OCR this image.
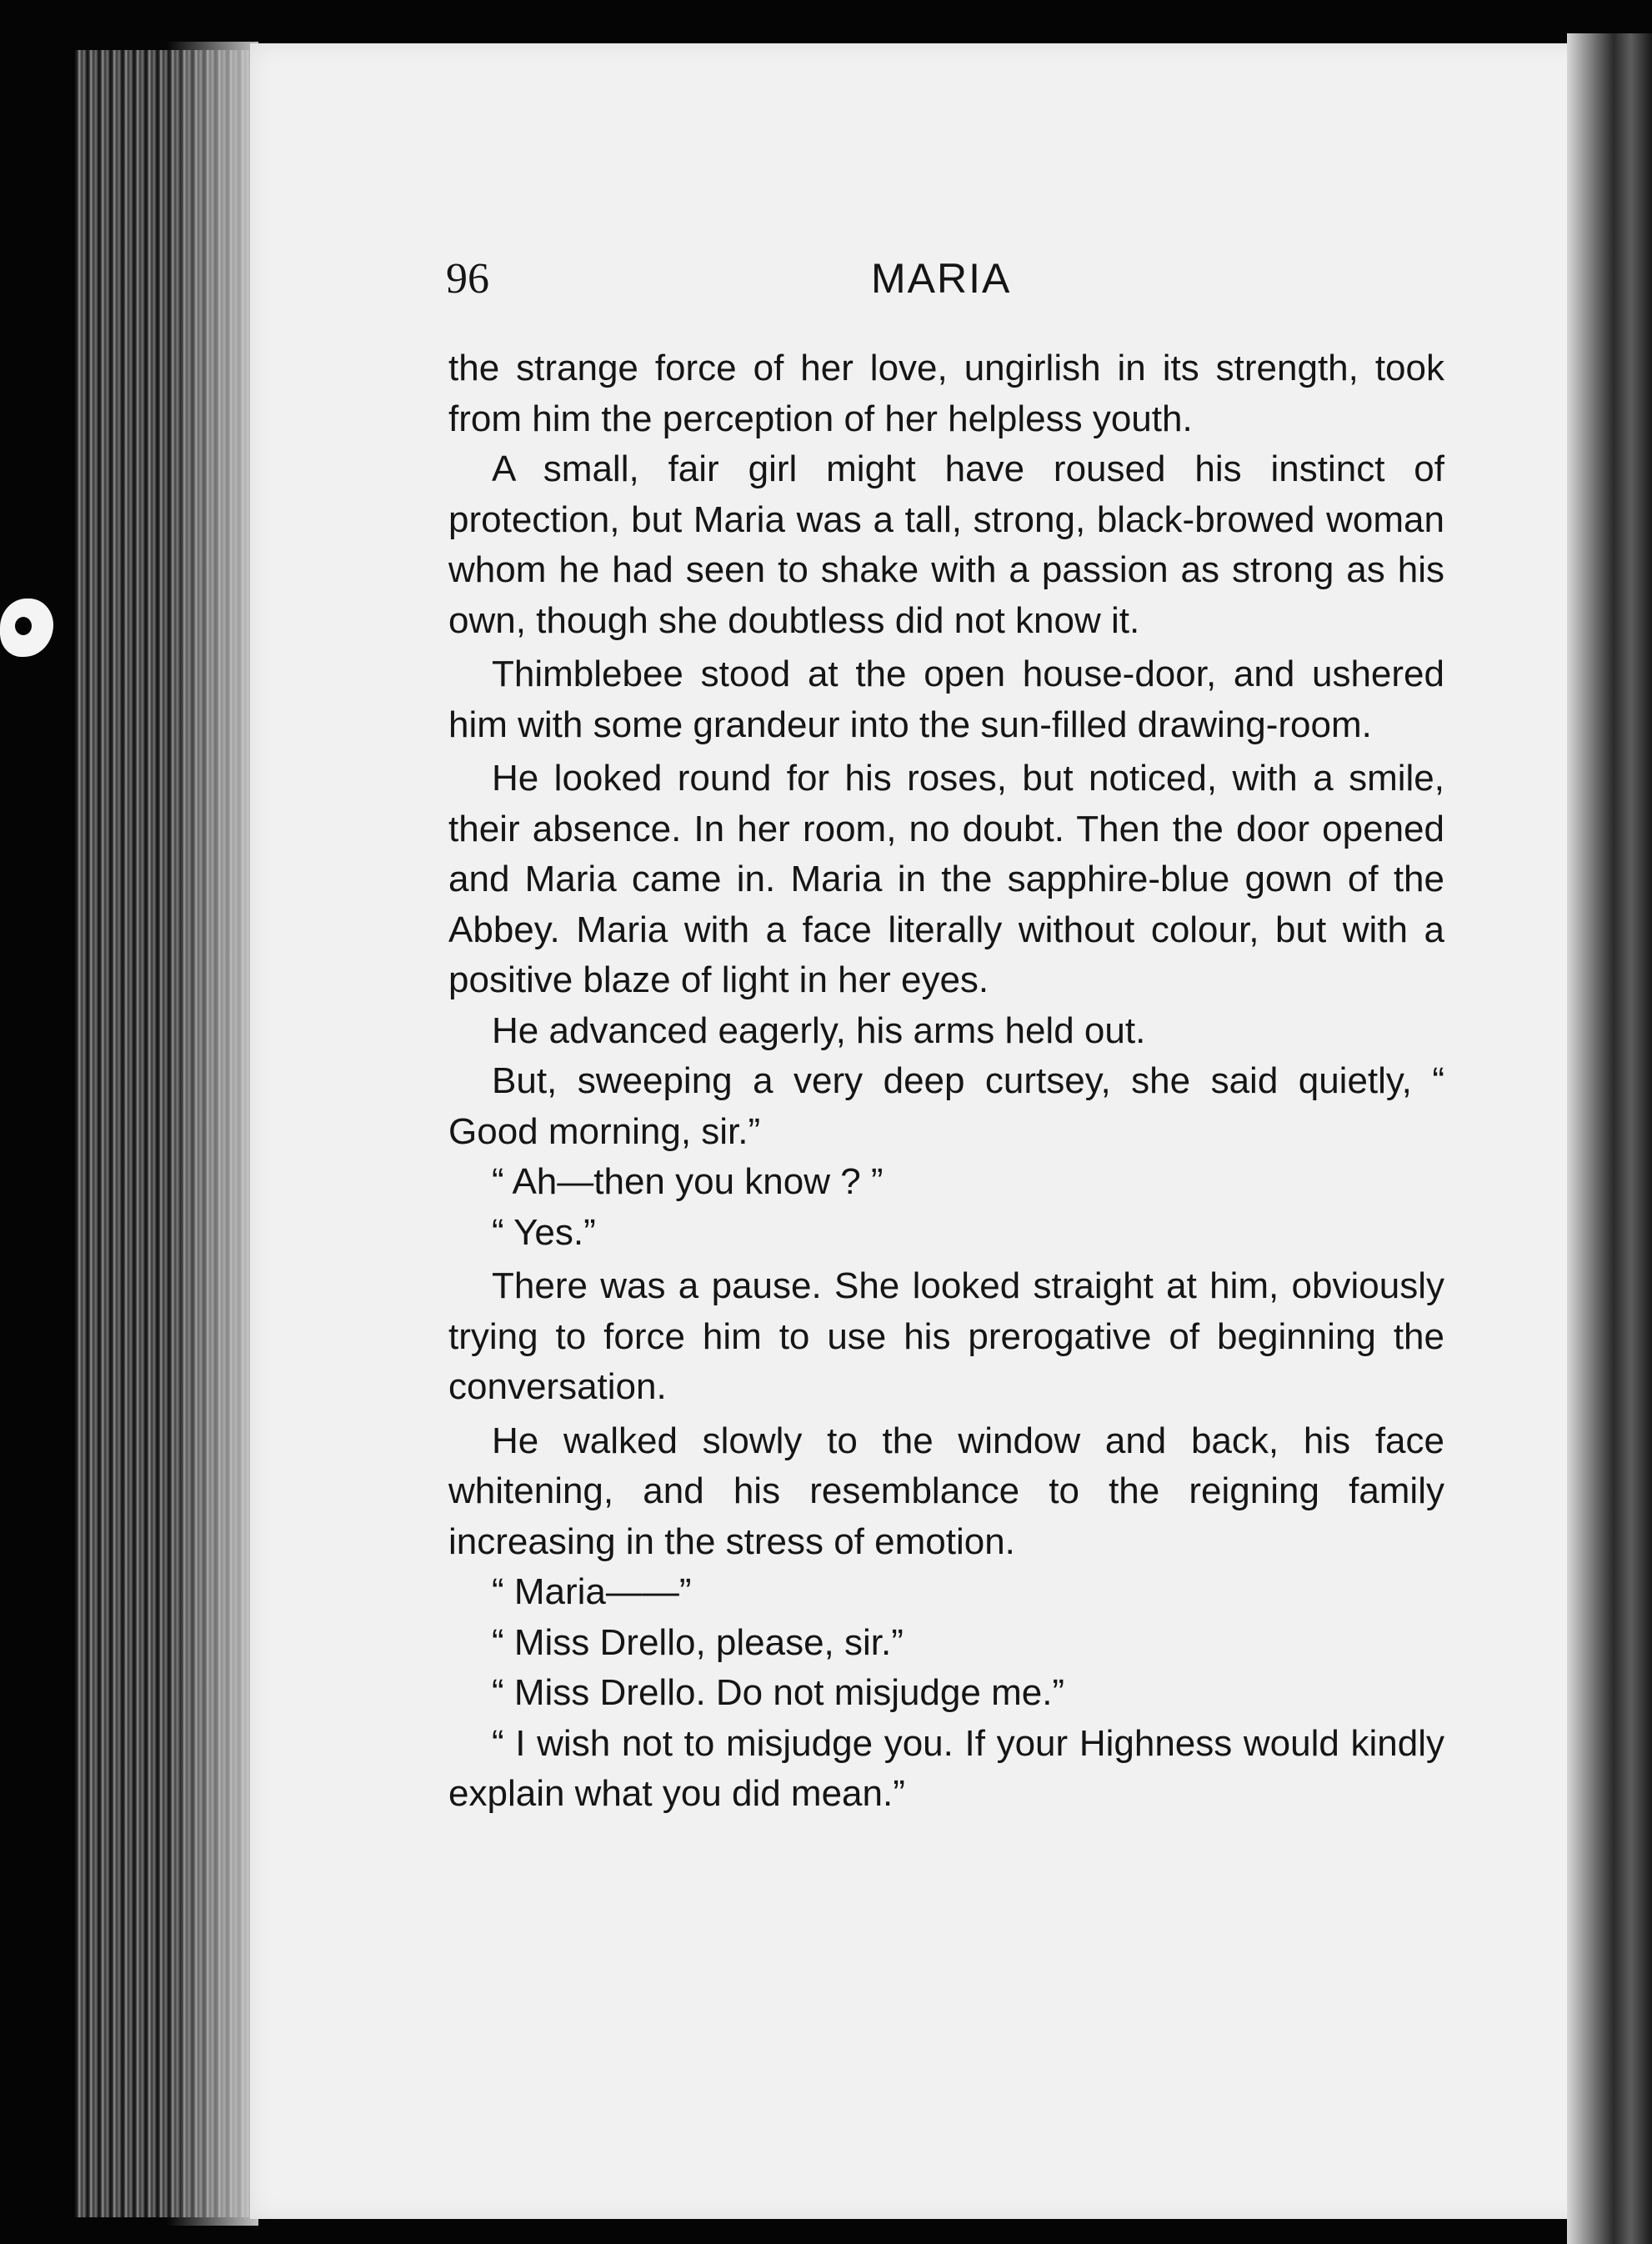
96	MARIA

the strange force of her love, ungirlish in its strength, took from him the perception of her helpless youth.

A small, fair girl might have roused his instinct of protection, but Maria was a tall, strong, black-browed woman whom he had seen to shake with a passion as strong as his own, though she doubtless did not know it.

Thimblebee stood at the open house-door, and ushered him with some grandeur into the sun-filled drawing-room.

He looked round for his roses, but noticed, with a smile, their absence. In her room, no doubt. Then the door opened and Maria came in. Maria in the sapphire-blue gown of the Abbey. Maria with a face literally without colour, but with a positive blaze of light in her eyes.

He advanced eagerly, his arms held out.

But, sweeping a very deep curtsey, she said quietly, “ Good morning, sir.”

“ Ah—then you know ? ”

“ Yes.”

There was a pause. She looked straight at him, obviously trying to force him to use his prerogative of beginning the conversation.

He walked slowly to the window and back, his face whitening, and his resemblance to the reigning family increasing in the stress of emotion.

“ Maria——”

“ Miss Drello, please, sir.”

“ Miss Drello. Do not misjudge me.”

“ I wish not to misjudge you. If your Highness would kindly explain what you did mean.”
